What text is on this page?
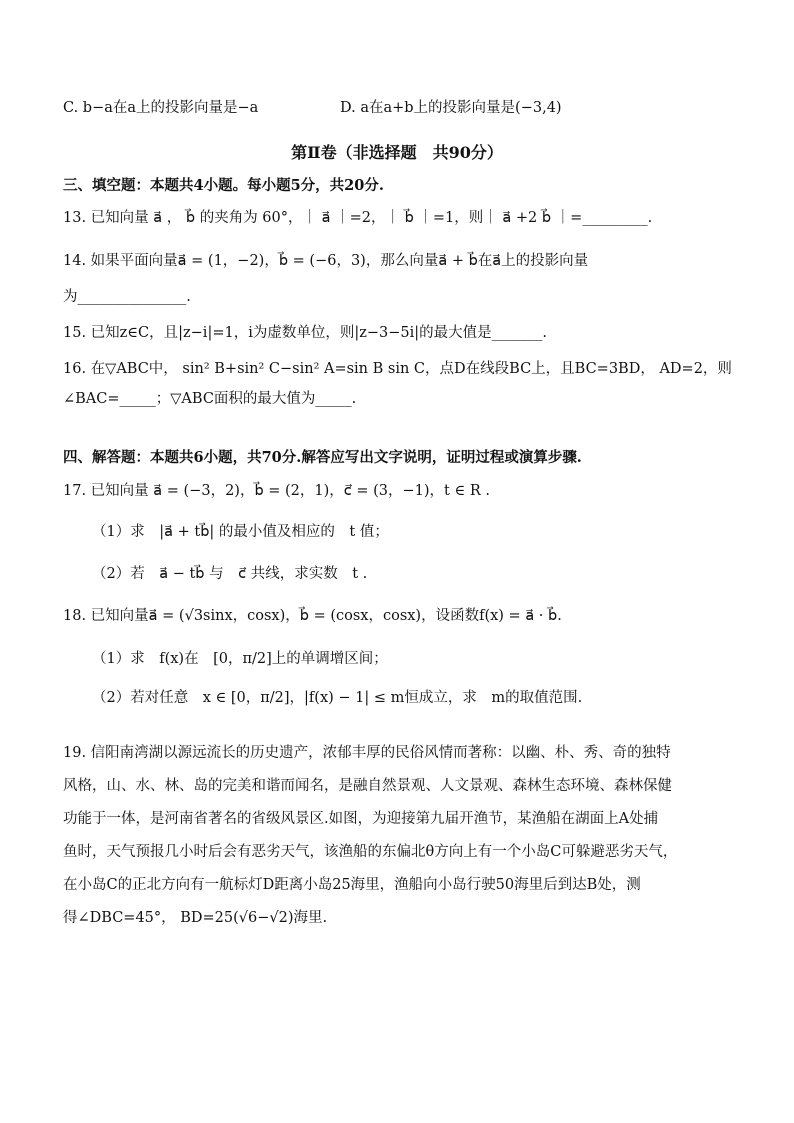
C. b−a在a上的投影向量是−a	D. a在a+b上的投影向量是(−3,4)
第Ⅱ卷（非选择题　共90分）
三、填空题：本题共4小题。每小题5分，共20分.
13. 已知向量 a⃗ ， b⃗ 的夹角为 60°，｜ a⃗ ｜=2，｜ b⃗ ｜=1，则｜ a⃗ +2 b⃗ ｜=_________.
14. 如果平面向量a⃗ = (1，−2)，b⃗ = (−6，3)，那么向量a⃗ + b⃗在a⃗上的投影向量
为_______________.
15. 已知z∈C，且|z−i|=1，i为虚数单位，则|z−3−5i|的最大值是_______.
16. 在▽ABC中， sin² B+sin² C−sin² A=sin B sin C，点D在线段BC上，且BC=3BD， AD=2，则
∠BAC=_____；▽ABC面积的最大值为_____.
四、解答题：本题共6小题，共70分.解答应写出文字说明，证明过程或演算步骤.
17. 已知向量 a⃗ = (−3，2)，b⃗ = (2，1)，c⃗ = (3，−1)，t ∈ R .
（1）求　|a⃗ + tb⃗| 的最小值及相应的　t 值；
（2）若　a⃗ − tb⃗ 与　c⃗ 共线，求实数　t .
18. 已知向量a⃗ = (√3sinx，cosx)，b⃗ = (cosx，cosx)，设函数f(x) = a⃗ · b⃗.
（1）求　f(x)在　[0，π/2]上的单调增区间；
（2）若对任意　x ∈ [0，π/2]，|f(x) − 1| ≤ m恒成立，求　m的取值范围.
19. 信阳南湾湖以源远流长的历史遗产，浓郁丰厚的民俗风情而著称：以幽、朴、秀、奇的独特
风格，山、水、林、岛的完美和谐而闻名，是融自然景观、人文景观、森林生态环境、森林保健
功能于一体，是河南省著名的省级风景区.如图，为迎接第九届开渔节，某渔船在湖面上A处捕
鱼时，天气预报几小时后会有恶劣天气，该渔船的东偏北θ方向上有一个小岛C可躲避恶劣天气，
在小岛C的正北方向有一航标灯D距离小岛25海里，渔船向小岛行驶50海里后到达B处，测
得∠DBC=45°， BD=25(√6−√2)海里.
